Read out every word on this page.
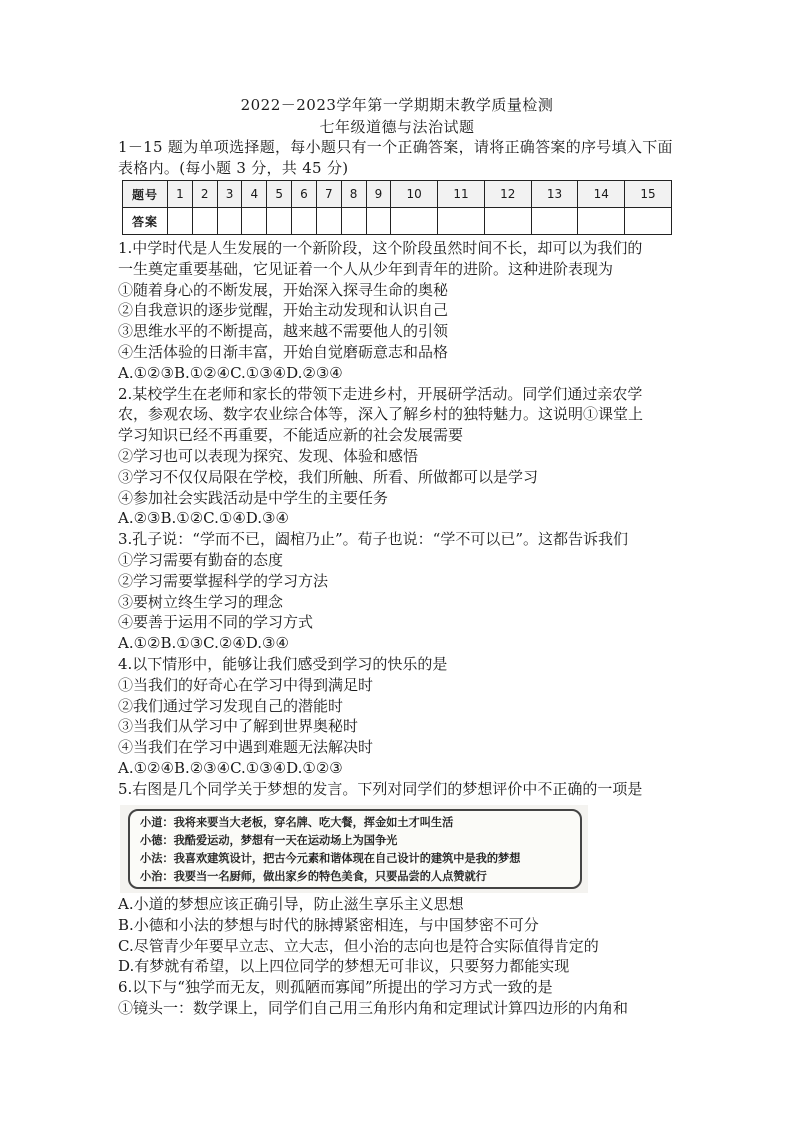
2022－2023学年第一学期期末教学质量检测
七年级道德与法治试题
1－15 题为单项选择题，每小题只有一个正确答案，请将正确答案的序号填入下面表格内。(每小题 3 分，共 45 分)
题号	1	2	3	4	5	6	7	8	9	10	11	12	13	14	15
答案															
1.中学时代是人生发展的一个新阶段，这个阶段虽然时间不长，却可以为我们的
一生奠定重要基础，它见证着一个人从少年到青年的进阶。这种进阶表现为
①随着身心的不断发展，开始深入探寻生命的奥秘
②自我意识的逐步觉醒，开始主动发现和认识自己
③思维水平的不断提高，越来越不需要他人的引领
④生活体验的日渐丰富，开始自觉磨砺意志和品格
A.①②③B.①②④C.①③④D.②③④
2.某校学生在老师和家长的带领下走进乡村，开展研学活动。同学们通过亲农学
农，参观农场、数字农业综合体等，深入了解乡村的独特魅力。这说明①课堂上
学习知识已经不再重要，不能适应新的社会发展需要
②学习也可以表现为探究、发现、体验和感悟
③学习不仅仅局限在学校，我们所触、所看、所做都可以是学习
④参加社会实践活动是中学生的主要任务
A.②③B.①②C.①④D.③④
3.孔子说：“学而不已，阖棺乃止”。荀子也说：“学不可以已”。这都告诉我们
①学习需要有勤奋的态度
②学习需要掌握科学的学习方法
③要树立终生学习的理念
④要善于运用不同的学习方式
A.①②B.①③C.②④D.③④
4.以下情形中，能够让我们感受到学习的快乐的是
①当我们的好奇心在学习中得到满足时
②我们通过学习发现自己的潜能时
③当我们从学习中了解到世界奥秘时
④当我们在学习中遇到难题无法解决时
A.①②④B.②③④C.①③④D.①②③
5.右图是几个同学关于梦想的发言。下列对同学们的梦想评价中不正确的一项是
小道：我将来要当大老板，穿名牌、吃大餐，挥金如土才叫生活
小德：我酷爱运动，梦想有一天在运动场上为国争光
小法：我喜欢建筑设计，把古今元素和谐体现在自己设计的建筑中是我的梦想
小治：我要当一名厨师，做出家乡的特色美食，只要品尝的人点赞就行
A.小道的梦想应该正确引导，防止滋生享乐主义思想
B.小德和小法的梦想与时代的脉搏紧密相连，与中国梦密不可分
C.尽管青少年要早立志、立大志，但小治的志向也是符合实际值得肯定的
D.有梦就有希望，以上四位同学的梦想无可非议，只要努力都能实现
6.以下与“独学而无友，则孤陋而寡闻”所提出的学习方式一致的是
①镜头一：数学课上，同学们自己用三角形内角和定理试计算四边形的内角和
